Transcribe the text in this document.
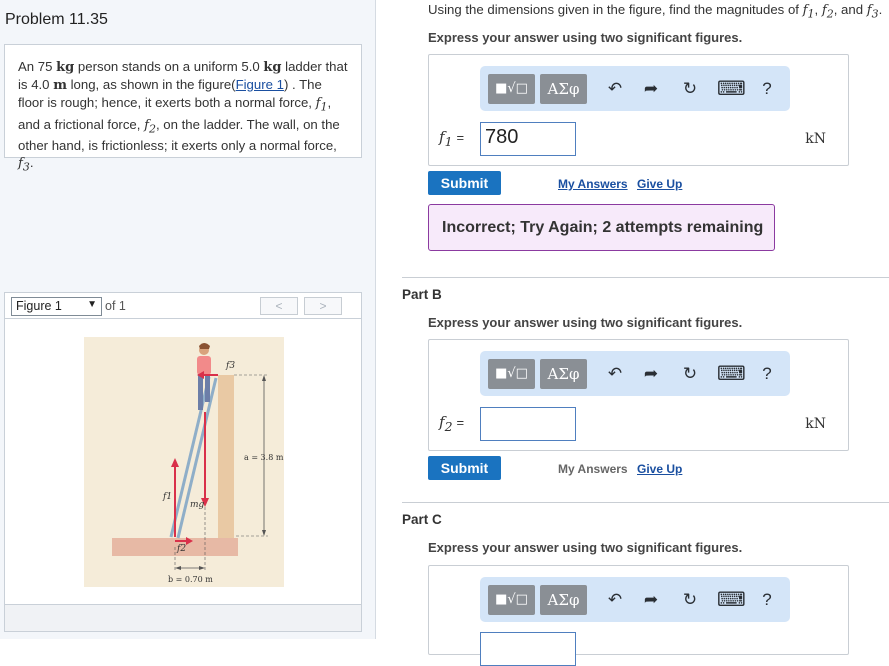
Problem 11.35
An 75 kg person stands on a uniform 5.0 kg ladder that is 4.0 m long, as shown in the figure(Figure 1) . The floor is rough; hence, it exerts both a normal force, $f_1$, and a frictional force, $f_2$, on the ladder. The wall, on the other hand, is frictionless; it exerts only a normal force, $f_3$.
Figure 1	▼ of 1	<	>
f3
a = 3.8 m
f1
mg
f2
b = 0.70 m
Using the dimensions given in the figure, find the magnitudes of $f_1$, $f_2$, and $f_3$.
Express your answer using two significant figures.
■√□	ΑΣφ	↶ ➦ ↻ ⌨ ?
$f_1 = 780$	kN
Submit	My Answers Give Up
Incorrect; Try Again; 2 attempts remaining
Part B
Express your answer using two significant figures.
■√□	ΑΣφ	↶ ➦ ↻ ⌨ ?
$f_2$ =	kN
Submit	My Answers Give Up
Part C
Express your answer using two significant figures.
■√□	ΑΣφ	↶ ➦ ↻ ⌨ ?
